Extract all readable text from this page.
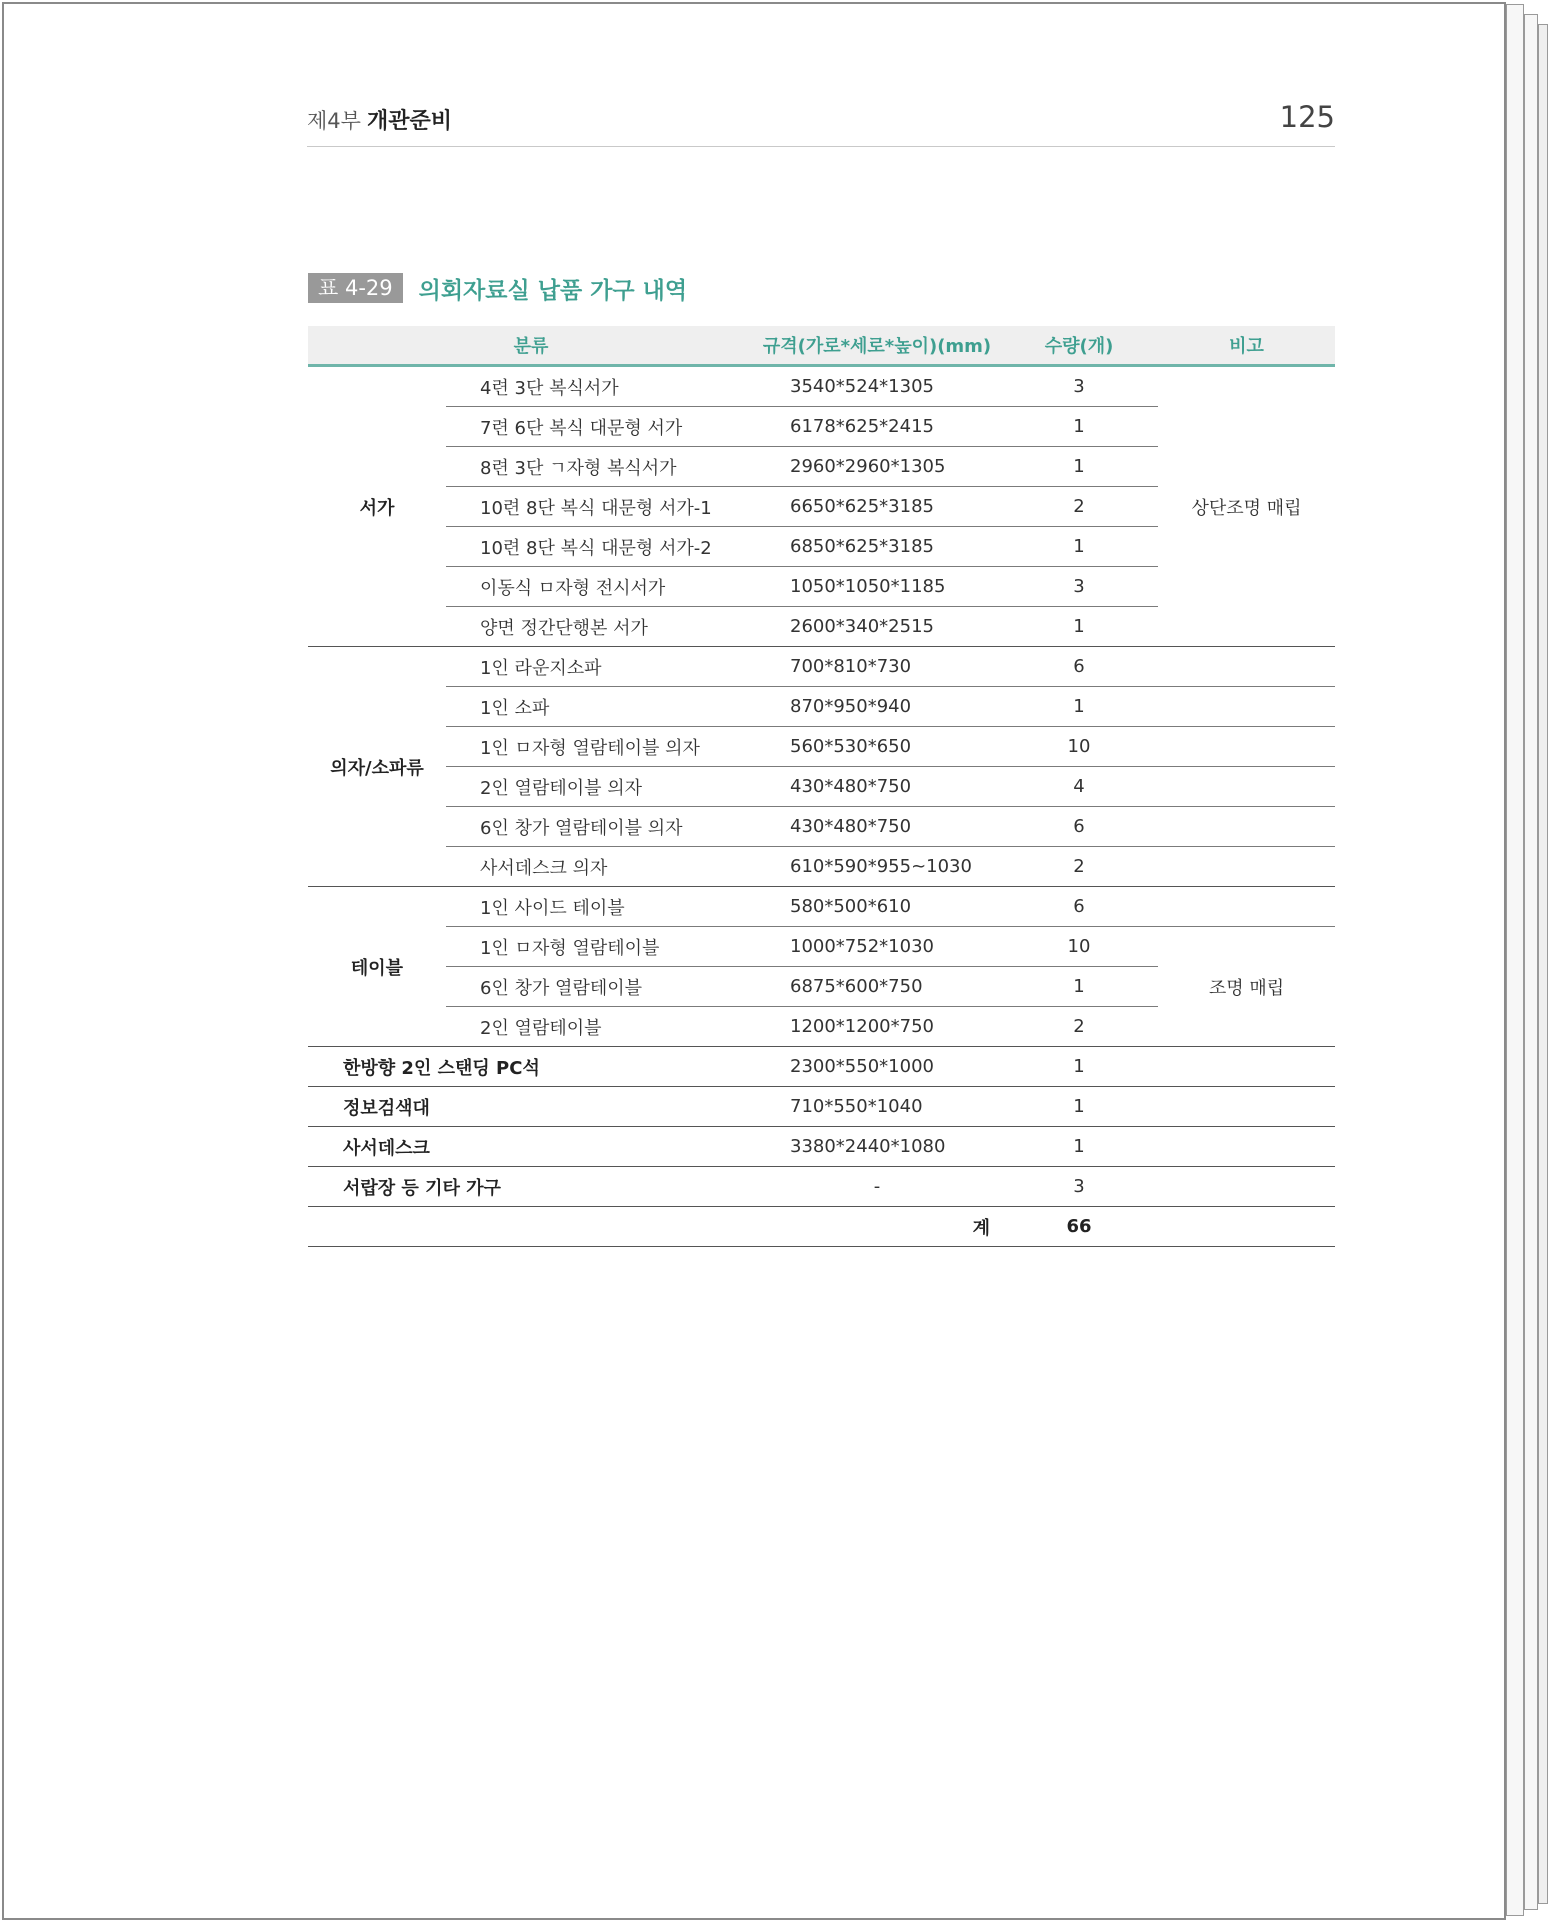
제4부 개관준비	125
표 4-29	의회자료실 납품 가구 내역
분류		규격(가로*세로*높이)(mm)	수량(개)	비고
서가	4련 3단 복식서가	3540*524*1305	3	상단조명 매립
	7련 6단 복식 대문형 서가	6178*625*2415	1	
	8련 3단 ㄱ자형 복식서가	2960*2960*1305	1	
	10련 8단 복식 대문형 서가-1	6650*625*3185	2	
	10련 8단 복식 대문형 서가-2	6850*625*3185	1	
	이동식 ㅁ자형 전시서가	1050*1050*1185	3	
	양면 정간단행본 서가	2600*340*2515	1	
의자/소파류	1인 라운지소파	700*810*730	6	
	1인 소파	870*950*940	1	
	1인 ㅁ자형 열람테이블 의자	560*530*650	10	
	2인 열람테이블 의자	430*480*750	4	
	6인 창가 열람테이블 의자	430*480*750	6	
	사서데스크 의자	610*590*955~1030	2	
테이블	1인 사이드 테이블	580*500*610	6	
	1인 ㅁ자형 열람테이블	1000*752*1030	10	조명 매립
	6인 창가 열람테이블	6875*600*750	1	
	2인 열람테이블	1200*1200*750	2	
한방향 2인 스탠딩 PC석		2300*550*1000	1	
정보검색대		710*550*1040	1	
사서데스크		3380*2440*1080	1	
서랍장 등 기타 가구		-	3	
계			66	
